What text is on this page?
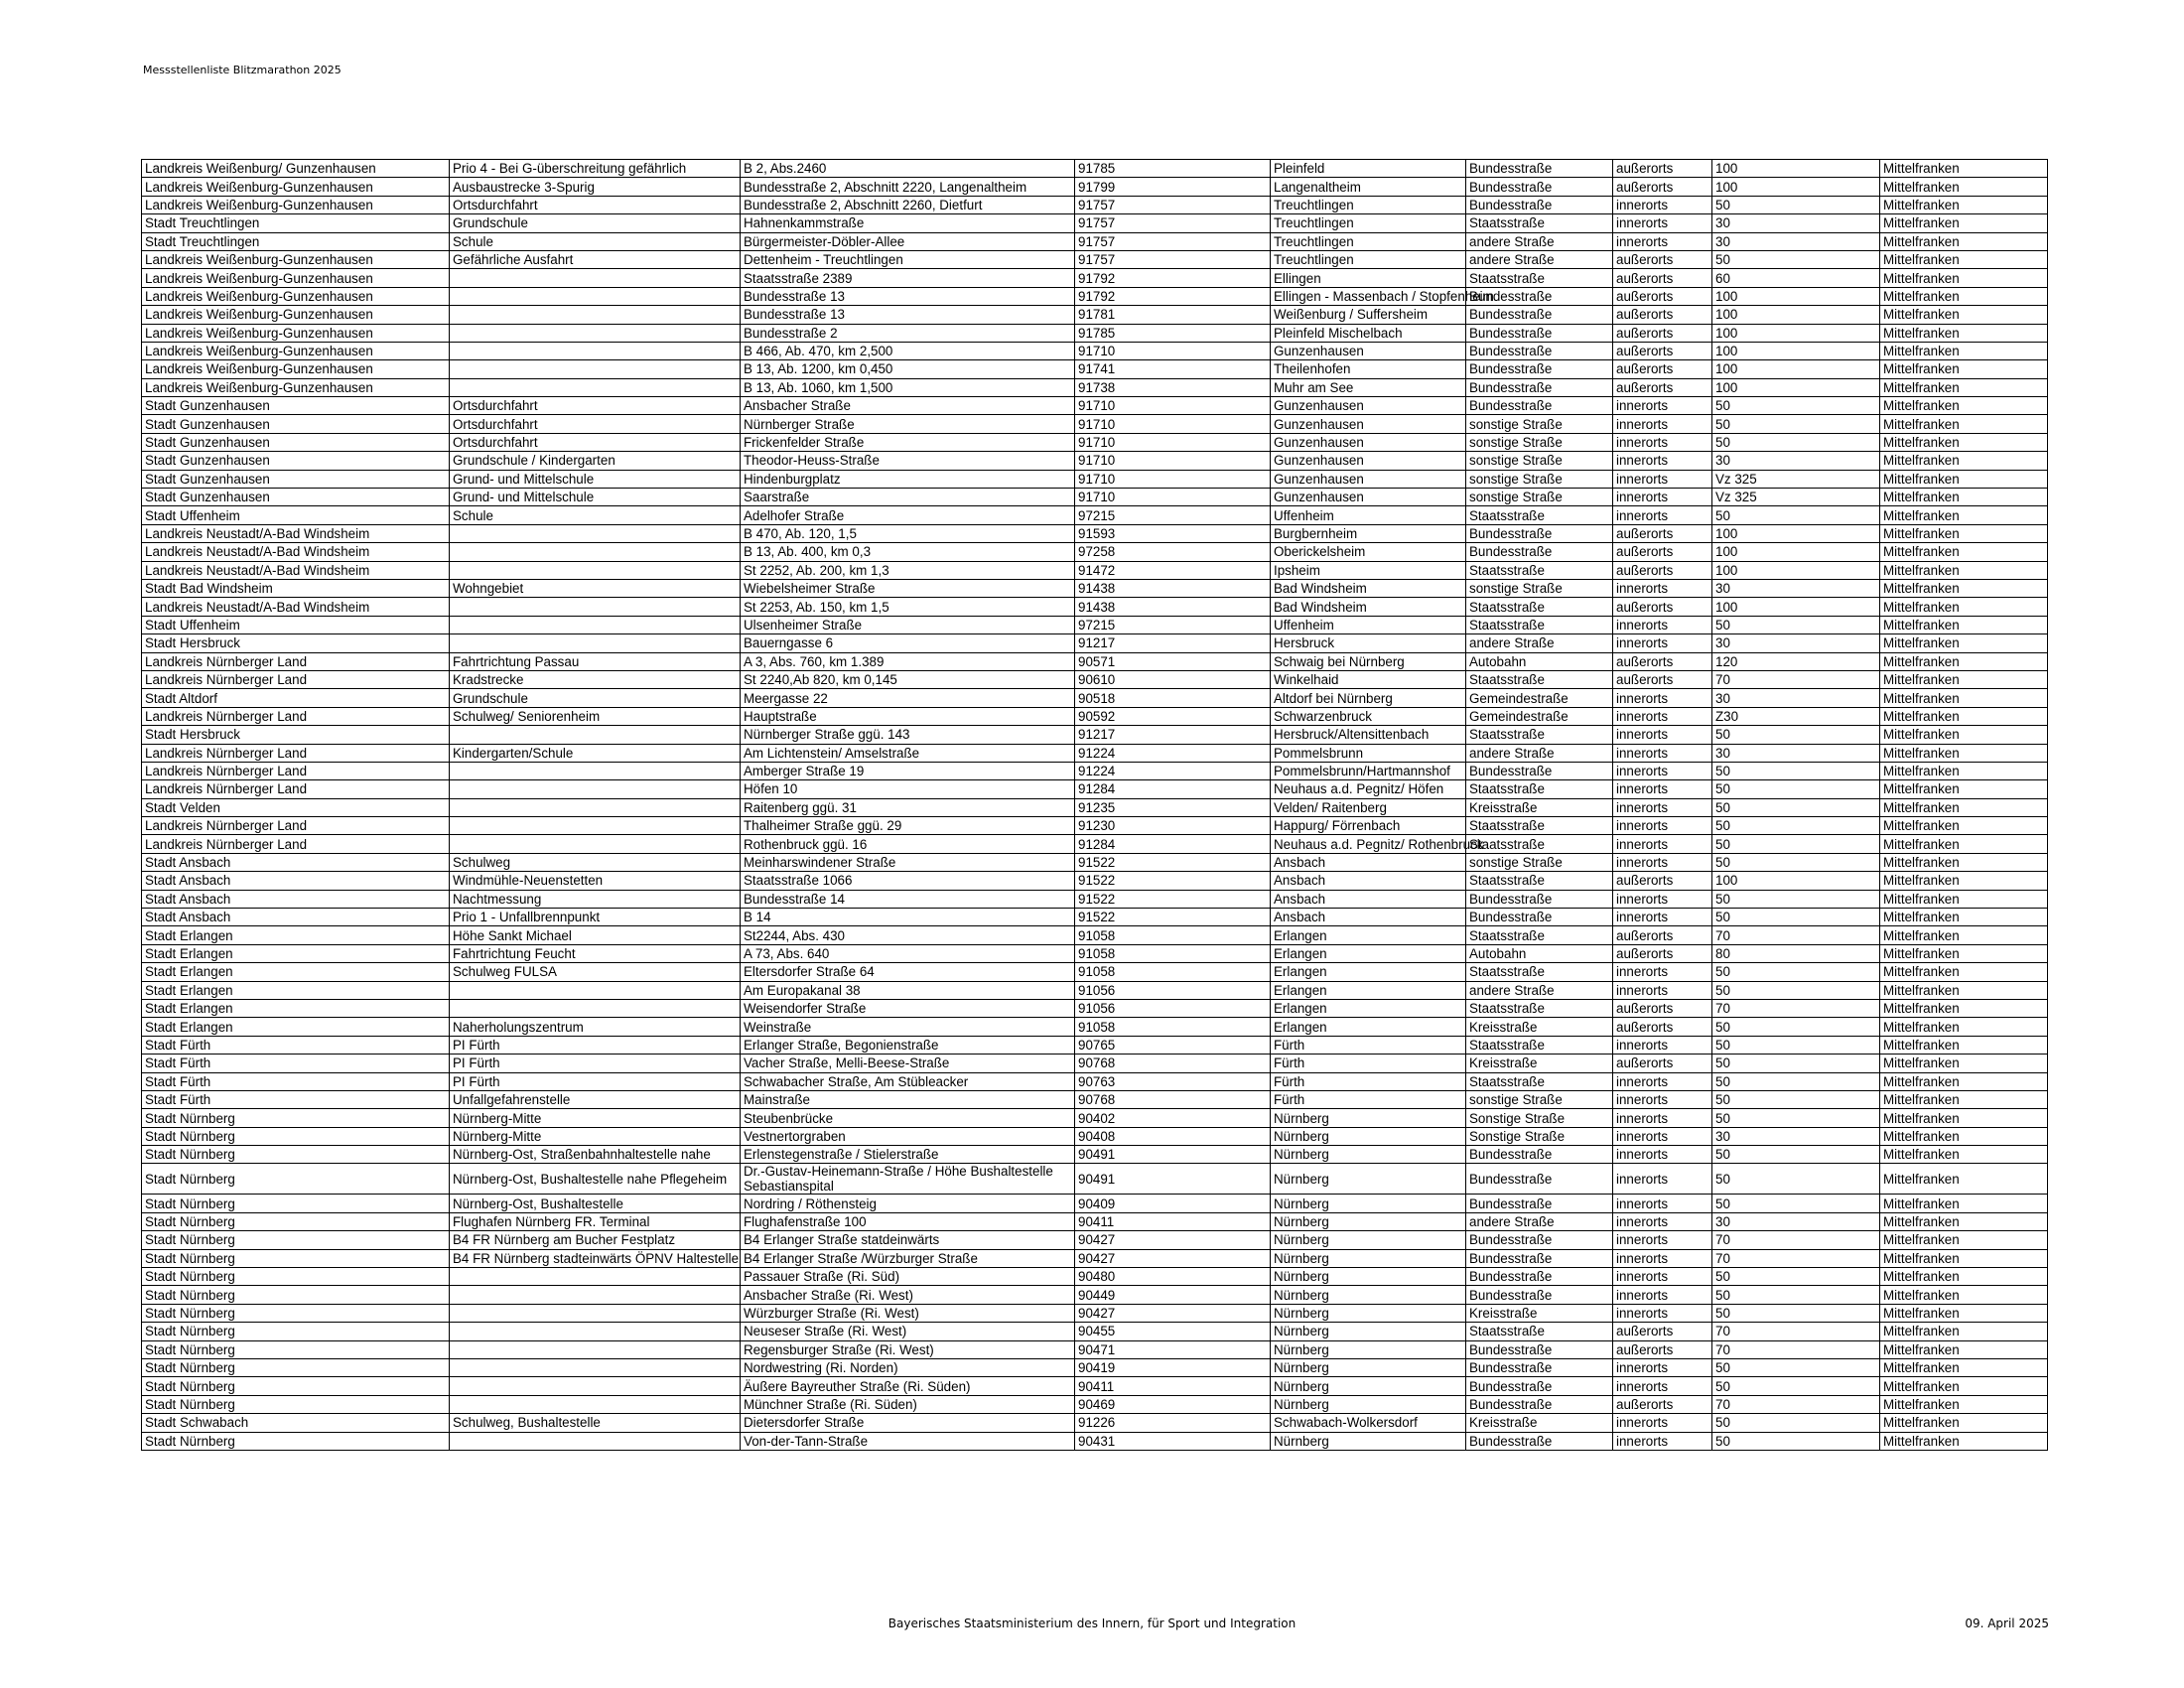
Messstellenliste Blitzmarathon 2025
Landkreis Weißenburg/ Gunzenhausen	Prio 4 - Bei G-überschreitung gefährlich	B 2, Abs.2460	91785	Pleinfeld	Bundesstraße	außerorts	100	Mittelfranken
Landkreis Weißenburg-Gunzenhausen	Ausbaustrecke 3-Spurig	Bundesstraße 2, Abschnitt 2220, Langenaltheim	91799	Langenaltheim	Bundesstraße	außerorts	100	Mittelfranken
Landkreis Weißenburg-Gunzenhausen	Ortsdurchfahrt	Bundesstraße 2, Abschnitt 2260, Dietfurt	91757	Treuchtlingen	Bundesstraße	innerorts	50	Mittelfranken
Stadt Treuchtlingen	Grundschule	Hahnenkammstraße	91757	Treuchtlingen	Staatsstraße	innerorts	30	Mittelfranken
Stadt Treuchtlingen	Schule	Bürgermeister-Döbler-Allee	91757	Treuchtlingen	andere Straße	innerorts	30	Mittelfranken
Landkreis Weißenburg-Gunzenhausen	Gefährliche Ausfahrt	Dettenheim - Treuchtlingen	91757	Treuchtlingen	andere Straße	außerorts	50	Mittelfranken
Landkreis Weißenburg-Gunzenhausen		Staatsstraße 2389	91792	Ellingen	Staatsstraße	außerorts	60	Mittelfranken
Landkreis Weißenburg-Gunzenhausen		Bundesstraße 13	91792	Ellingen - Massenbach / Stopfenheim	Bundesstraße	außerorts	100	Mittelfranken
Landkreis Weißenburg-Gunzenhausen		Bundesstraße 13	91781	Weißenburg / Suffersheim	Bundesstraße	außerorts	100	Mittelfranken
Landkreis Weißenburg-Gunzenhausen		Bundesstraße 2	91785	Pleinfeld Mischelbach	Bundesstraße	außerorts	100	Mittelfranken
Landkreis Weißenburg-Gunzenhausen		B 466, Ab. 470, km 2,500	91710	Gunzenhausen	Bundesstraße	außerorts	100	Mittelfranken
Landkreis Weißenburg-Gunzenhausen		B 13, Ab. 1200, km 0,450	91741	Theilenhofen	Bundesstraße	außerorts	100	Mittelfranken
Landkreis Weißenburg-Gunzenhausen		B 13, Ab. 1060, km 1,500	91738	Muhr am See	Bundesstraße	außerorts	100	Mittelfranken
Stadt Gunzenhausen	Ortsdurchfahrt	Ansbacher Straße	91710	Gunzenhausen	Bundesstraße	innerorts	50	Mittelfranken
Stadt Gunzenhausen	Ortsdurchfahrt	Nürnberger Straße	91710	Gunzenhausen	sonstige Straße	innerorts	50	Mittelfranken
Stadt Gunzenhausen	Ortsdurchfahrt	Frickenfelder Straße	91710	Gunzenhausen	sonstige Straße	innerorts	50	Mittelfranken
Stadt Gunzenhausen	Grundschule / Kindergarten	Theodor-Heuss-Straße	91710	Gunzenhausen	sonstige Straße	innerorts	30	Mittelfranken
Stadt Gunzenhausen	Grund- und Mittelschule	Hindenburgplatz	91710	Gunzenhausen	sonstige Straße	innerorts	Vz 325	Mittelfranken
Stadt Gunzenhausen	Grund- und Mittelschule	Saarstraße	91710	Gunzenhausen	sonstige Straße	innerorts	Vz 325	Mittelfranken
Stadt Uffenheim	Schule	Adelhofer Straße	97215	Uffenheim	Staatsstraße	innerorts	50	Mittelfranken
Landkreis Neustadt/A-Bad Windsheim		B 470, Ab. 120, 1,5	91593	Burgbernheim	Bundesstraße	außerorts	100	Mittelfranken
Landkreis Neustadt/A-Bad Windsheim		B 13, Ab. 400, km 0,3	97258	Oberickelsheim	Bundesstraße	außerorts	100	Mittelfranken
Landkreis Neustadt/A-Bad Windsheim		St 2252, Ab. 200, km 1,3	91472	Ipsheim	Staatsstraße	außerorts	100	Mittelfranken
Stadt Bad Windsheim	Wohngebiet	Wiebelsheimer Straße	91438	Bad Windsheim	sonstige Straße	innerorts	30	Mittelfranken
Landkreis Neustadt/A-Bad Windsheim		St 2253, Ab. 150, km 1,5	91438	Bad Windsheim	Staatsstraße	außerorts	100	Mittelfranken
Stadt Uffenheim		Ulsenheimer Straße	97215	Uffenheim	Staatsstraße	innerorts	50	Mittelfranken
Stadt Hersbruck		Bauerngasse 6	91217	Hersbruck	andere Straße	innerorts	30	Mittelfranken
Landkreis Nürnberger Land	Fahrtrichtung Passau	A 3, Abs. 760, km 1.389	90571	Schwaig bei Nürnberg	Autobahn	außerorts	120	Mittelfranken
Landkreis Nürnberger Land	Kradstrecke	St 2240,Ab 820, km 0,145	90610	Winkelhaid	Staatsstraße	außerorts	70	Mittelfranken
Stadt Altdorf	Grundschule	Meergasse 22	90518	Altdorf bei Nürnberg	Gemeindestraße	innerorts	30	Mittelfranken
Landkreis Nürnberger Land	Schulweg/ Seniorenheim	Hauptstraße	90592	Schwarzenbruck	Gemeindestraße	innerorts	Z30	Mittelfranken
Stadt Hersbruck		Nürnberger Straße ggü. 143	91217	Hersbruck/Altensittenbach	Staatsstraße	innerorts	50	Mittelfranken
Landkreis Nürnberger Land	Kindergarten/Schule	Am Lichtenstein/ Amselstraße	91224	Pommelsbrunn	andere Straße	innerorts	30	Mittelfranken
Landkreis Nürnberger Land		Amberger Straße 19	91224	Pommelsbrunn/Hartmannshof	Bundesstraße	innerorts	50	Mittelfranken
Landkreis Nürnberger Land		Höfen 10	91284	Neuhaus a.d. Pegnitz/ Höfen	Staatsstraße	innerorts	50	Mittelfranken
Stadt Velden		Raitenberg ggü. 31	91235	Velden/ Raitenberg	Kreisstraße	innerorts	50	Mittelfranken
Landkreis Nürnberger Land		Thalheimer Straße ggü. 29	91230	Happurg/ Förrenbach	Staatsstraße	innerorts	50	Mittelfranken
Landkreis Nürnberger Land		Rothenbruck ggü. 16	91284	Neuhaus a.d. Pegnitz/ Rothenbruck	Staatsstraße	innerorts	50	Mittelfranken
Stadt Ansbach	Schulweg	Meinharswindener Straße	91522	Ansbach	sonstige Straße	innerorts	50	Mittelfranken
Stadt Ansbach	Windmühle-Neuenstetten	Staatsstraße 1066	91522	Ansbach	Staatsstraße	außerorts	100	Mittelfranken
Stadt Ansbach	Nachtmessung	Bundesstraße 14	91522	Ansbach	Bundesstraße	innerorts	50	Mittelfranken
Stadt Ansbach	Prio 1 - Unfallbrennpunkt	B 14	91522	Ansbach	Bundesstraße	innerorts	50	Mittelfranken
Stadt Erlangen	Höhe Sankt Michael	St2244, Abs. 430	91058	Erlangen	Staatsstraße	außerorts	70	Mittelfranken
Stadt Erlangen	Fahrtrichtung Feucht	A 73, Abs. 640	91058	Erlangen	Autobahn	außerorts	80	Mittelfranken
Stadt Erlangen	Schulweg FULSA	Eltersdorfer Straße 64	91058	Erlangen	Staatsstraße	innerorts	50	Mittelfranken
Stadt Erlangen		Am Europakanal 38	91056	Erlangen	andere Straße	innerorts	50	Mittelfranken
Stadt Erlangen		Weisendorfer Straße	91056	Erlangen	Staatsstraße	außerorts	70	Mittelfranken
Stadt Erlangen	Naherholungszentrum	Weinstraße	91058	Erlangen	Kreisstraße	außerorts	50	Mittelfranken
Stadt Fürth	PI Fürth	Erlanger Straße, Begonienstraße	90765	Fürth	Staatsstraße	innerorts	50	Mittelfranken
Stadt Fürth	PI Fürth	Vacher Straße, Melli-Beese-Straße	90768	Fürth	Kreisstraße	außerorts	50	Mittelfranken
Stadt Fürth	PI Fürth	Schwabacher Straße, Am Stübleacker	90763	Fürth	Staatsstraße	innerorts	50	Mittelfranken
Stadt Fürth	Unfallgefahrenstelle	Mainstraße	90768	Fürth	sonstige Straße	innerorts	50	Mittelfranken
Stadt Nürnberg	Nürnberg-Mitte	Steubenbrücke	90402	Nürnberg	Sonstige Straße	innerorts	50	Mittelfranken
Stadt Nürnberg	Nürnberg-Mitte	Vestnertorgraben	90408	Nürnberg	Sonstige Straße	innerorts	30	Mittelfranken
Stadt Nürnberg	Nürnberg-Ost, Straßenbahnhaltestelle nahe	Erlenstegenstraße / Stielerstraße	90491	Nürnberg	Bundesstraße	innerorts	50	Mittelfranken
Stadt Nürnberg	Nürnberg-Ost, Bushaltestelle nahe Pflegeheim	Dr.-Gustav-Heinemann-Straße / Höhe Bushaltestelle Sebastianspital	90491	Nürnberg	Bundesstraße	innerorts	50	Mittelfranken
Stadt Nürnberg	Nürnberg-Ost, Bushaltestelle	Nordring / Röthensteig	90409	Nürnberg	Bundesstraße	innerorts	50	Mittelfranken
Stadt Nürnberg	Flughafen Nürnberg FR. Terminal	Flughafenstraße 100	90411	Nürnberg	andere Straße	innerorts	30	Mittelfranken
Stadt Nürnberg	B4 FR Nürnberg am Bucher Festplatz	B4 Erlanger Straße statdeinwärts	90427	Nürnberg	Bundesstraße	innerorts	70	Mittelfranken
Stadt Nürnberg	B4 FR Nürnberg stadteinwärts ÖPNV Haltestelle	B4 Erlanger Straße /Würzburger Straße	90427	Nürnberg	Bundesstraße	innerorts	70	Mittelfranken
Stadt Nürnberg		Passauer Straße (Ri. Süd)	90480	Nürnberg	Bundesstraße	innerorts	50	Mittelfranken
Stadt Nürnberg		Ansbacher Straße (Ri. West)	90449	Nürnberg	Bundesstraße	innerorts	50	Mittelfranken
Stadt Nürnberg		Würzburger Straße (Ri. West)	90427	Nürnberg	Kreisstraße	innerorts	50	Mittelfranken
Stadt Nürnberg		Neuseser Straße (Ri. West)	90455	Nürnberg	Staatsstraße	außerorts	70	Mittelfranken
Stadt Nürnberg		Regensburger Straße (Ri. West)	90471	Nürnberg	Bundesstraße	außerorts	70	Mittelfranken
Stadt Nürnberg		Nordwestring (Ri. Norden)	90419	Nürnberg	Bundesstraße	innerorts	50	Mittelfranken
Stadt Nürnberg		Äußere Bayreuther Straße (Ri. Süden)	90411	Nürnberg	Bundesstraße	innerorts	50	Mittelfranken
Stadt Nürnberg		Münchner Straße (Ri. Süden)	90469	Nürnberg	Bundesstraße	außerorts	70	Mittelfranken
Stadt Schwabach	Schulweg, Bushaltestelle	Dietersdorfer Straße	91226	Schwabach-Wolkersdorf	Kreisstraße	innerorts	50	Mittelfranken
Stadt Nürnberg		Von-der-Tann-Straße	90431	Nürnberg	Bundesstraße	innerorts	50	Mittelfranken
Bayerisches Staatsministerium des Innern, für Sport und Integration	09. April 2025
